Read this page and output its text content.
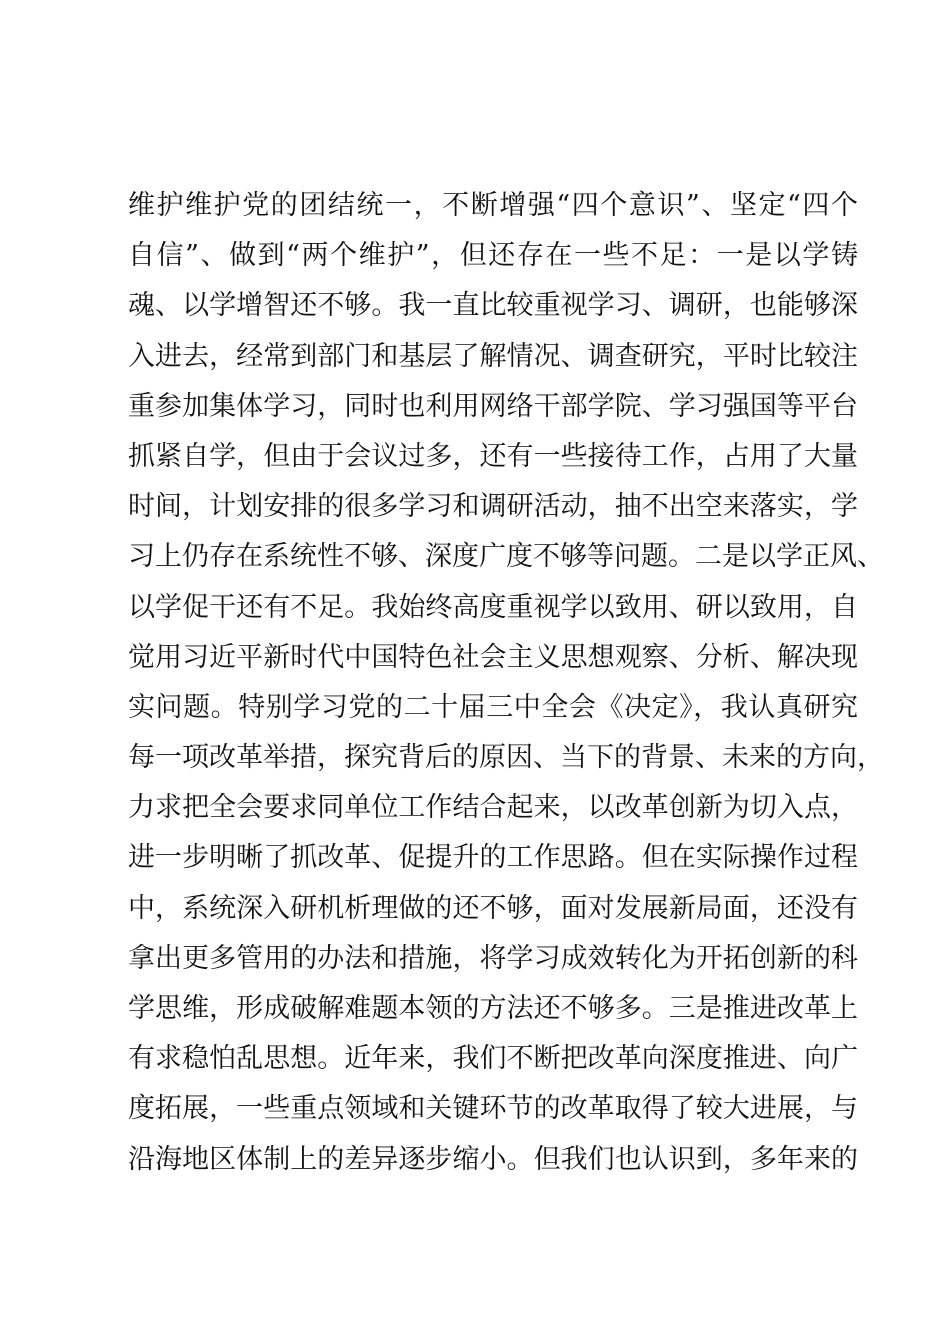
维护维护党的团结统一，不断增强“四个意识”、坚定“四个
自信”、做到“两个维护”，但还存在一些不足：一是以学铸
魂、以学增智还不够。我一直比较重视学习、调研，也能够深
入进去，经常到部门和基层了解情况、调查研究，平时比较注
重参加集体学习，同时也利用网络干部学院、学习强国等平台
抓紧自学，但由于会议过多，还有一些接待工作，占用了大量
时间，计划安排的很多学习和调研活动，抽不出空来落实，学
习上仍存在系统性不够、深度广度不够等问题。二是以学正风、
以学促干还有不足。我始终高度重视学以致用、研以致用，自
觉用习近平新时代中国特色社会主义思想观察、分析、解决现
实问题。特别学习党的二十届三中全会《决定》，我认真研究
每一项改革举措，探究背后的原因、当下的背景、未来的方向，
力求把全会要求同单位工作结合起来，以改革创新为切入点，
进一步明晰了抓改革、促提升的工作思路。但在实际操作过程
中，系统深入研机析理做的还不够，面对发展新局面，还没有
拿出更多管用的办法和措施，将学习成效转化为开拓创新的科
学思维，形成破解难题本领的方法还不够多。三是推进改革上
有求稳怕乱思想。近年来，我们不断把改革向深度推进、向广
度拓展，一些重点领域和关键环节的改革取得了较大进展，与
沿海地区体制上的差异逐步缩小。但我们也认识到，多年来的
